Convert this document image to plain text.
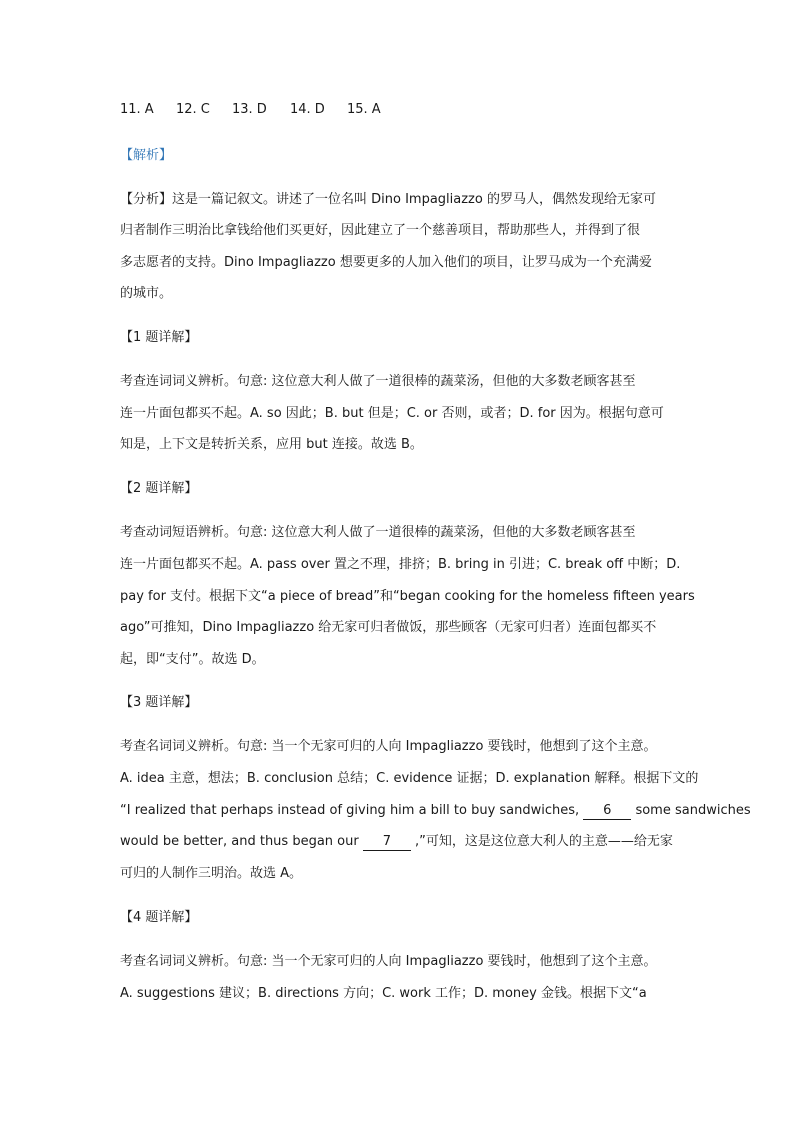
11. A 12. C 13. D 14. D 15. A
【解析】
【分析】这是一篇记叙文。讲述了一位名叫 Dino Impagliazzo 的罗马人，偶然发现给无家可
归者制作三明治比拿钱给他们买更好，因此建立了一个慈善项目，帮助那些人，并得到了很
多志愿者的支持。Dino Impagliazzo 想要更多的人加入他们的项目，让罗马成为一个充满爱
的城市。
【1 题详解】
考查连词词义辨析。句意: 这位意大利人做了一道很棒的蔬菜汤，但他的大多数老顾客甚至
连一片面包都买不起。A. so 因此；B. but 但是；C. or 否则，或者；D. for 因为。根据句意可
知是，上下文是转折关系，应用 but 连接。故选 B。
【2 题详解】
考查动词短语辨析。句意: 这位意大利人做了一道很棒的蔬菜汤，但他的大多数老顾客甚至
连一片面包都买不起。A. pass over 置之不理，排挤；B. bring in 引进；C. break off 中断；D.
pay for 支付。根据下文“a piece of bread”和“began cooking for the homeless fifteen years
ago”可推知，Dino Impagliazzo 给无家可归者做饭，那些顾客（无家可归者）连面包都买不
起，即“支付”。故选 D。
【3 题详解】
考查名词词义辨析。句意: 当一个无家可归的人向 Impagliazzo 要钱时，他想到了这个主意。
A. idea 主意，想法；B. conclusion 总结；C. evidence 证据；D. explanation 解释。根据下文的
“I realized that perhaps instead of giving him a bill to buy sandwiches, 6 some sandwiches
would be better, and thus began our 7 ,”可知，这是这位意大利人的主意——给无家
可归的人制作三明治。故选 A。
【4 题详解】
考查名词词义辨析。句意: 当一个无家可归的人向 Impagliazzo 要钱时，他想到了这个主意。
A. suggestions 建议；B. directions 方向；C. work 工作；D. money 金钱。根据下文“a
